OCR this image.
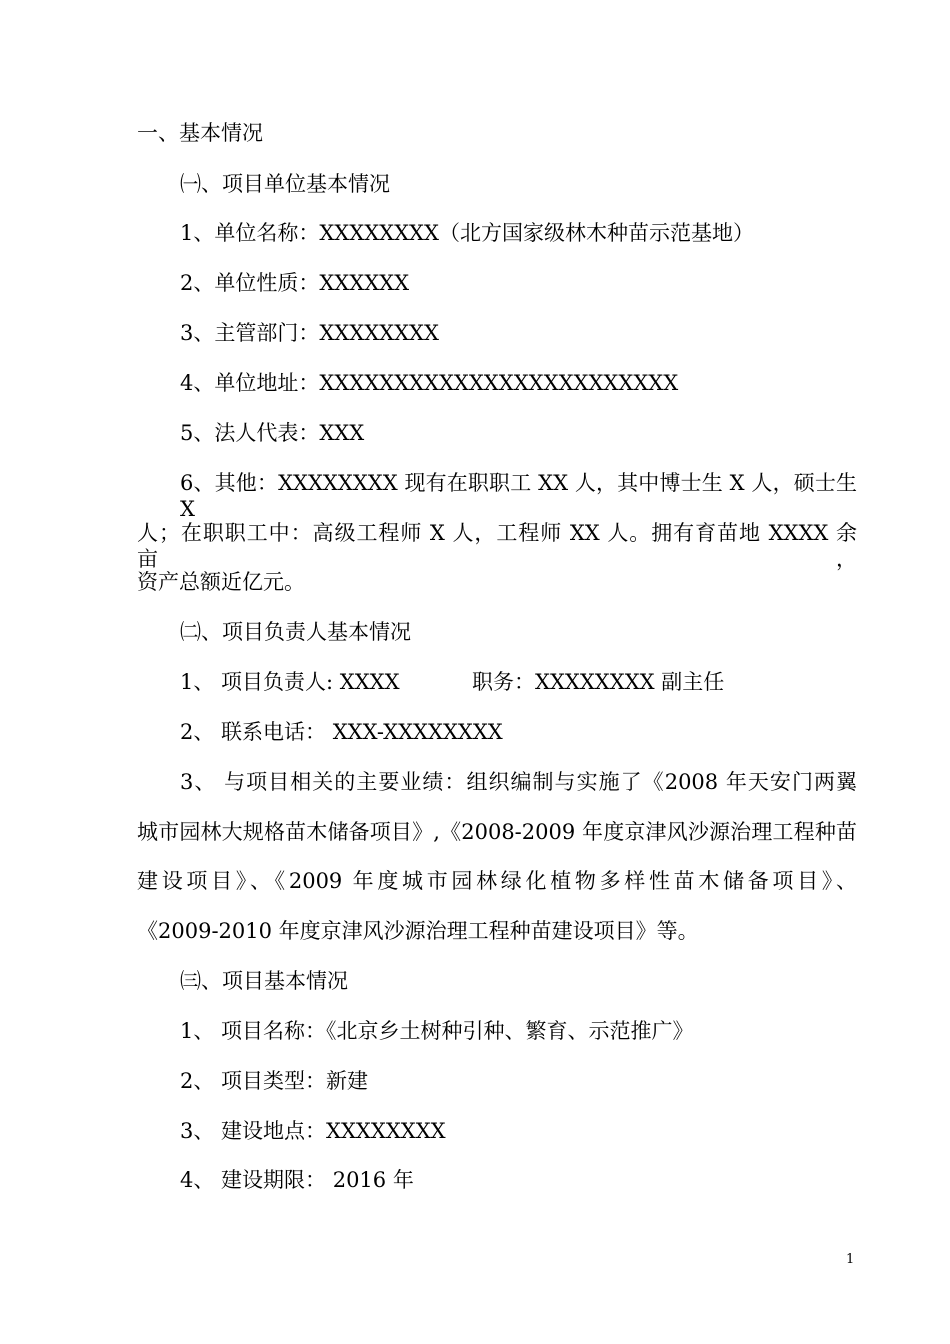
一、基本情况
㈠、项目单位基本情况
1、单位名称：XXXXXXXX（北方国家级林木种苗示范基地）
2、单位性质：XXXXXX
3、主管部门：XXXXXXXX
4、单位地址：XXXXXXXXXXXXXXXXXXXXXXXX
5、法人代表：XXX
6、其他：XXXXXXXX 现有在职职工 XX 人，其中博士生 X 人，硕士生 X
人；在职职工中：高级工程师 X 人，工程师 XX 人。拥有育苗地 XXXX 余亩，
资产总额近亿元。
㈡、项目负责人基本情况
1、 项目负责人: XXXX	职务：XXXXXXXX 副主任
2、 联系电话： XXX-XXXXXXXX
3、 与项目相关的主要业绩：组织编制与实施了《2008 年天安门两翼
城市园林大规格苗木储备项目》,《2008-2009 年度京津风沙源治理工程种苗
建设项目》、《2009 年度城市园林绿化植物多样性苗木储备项目》、
《2009-2010 年度京津风沙源治理工程种苗建设项目》等。
㈢、项目基本情况
1、 项目名称：《北京乡土树种引种、繁育、示范推广》
2、 项目类型：新建
3、 建设地点：XXXXXXXX
4、 建设期限： 2016 年
1
